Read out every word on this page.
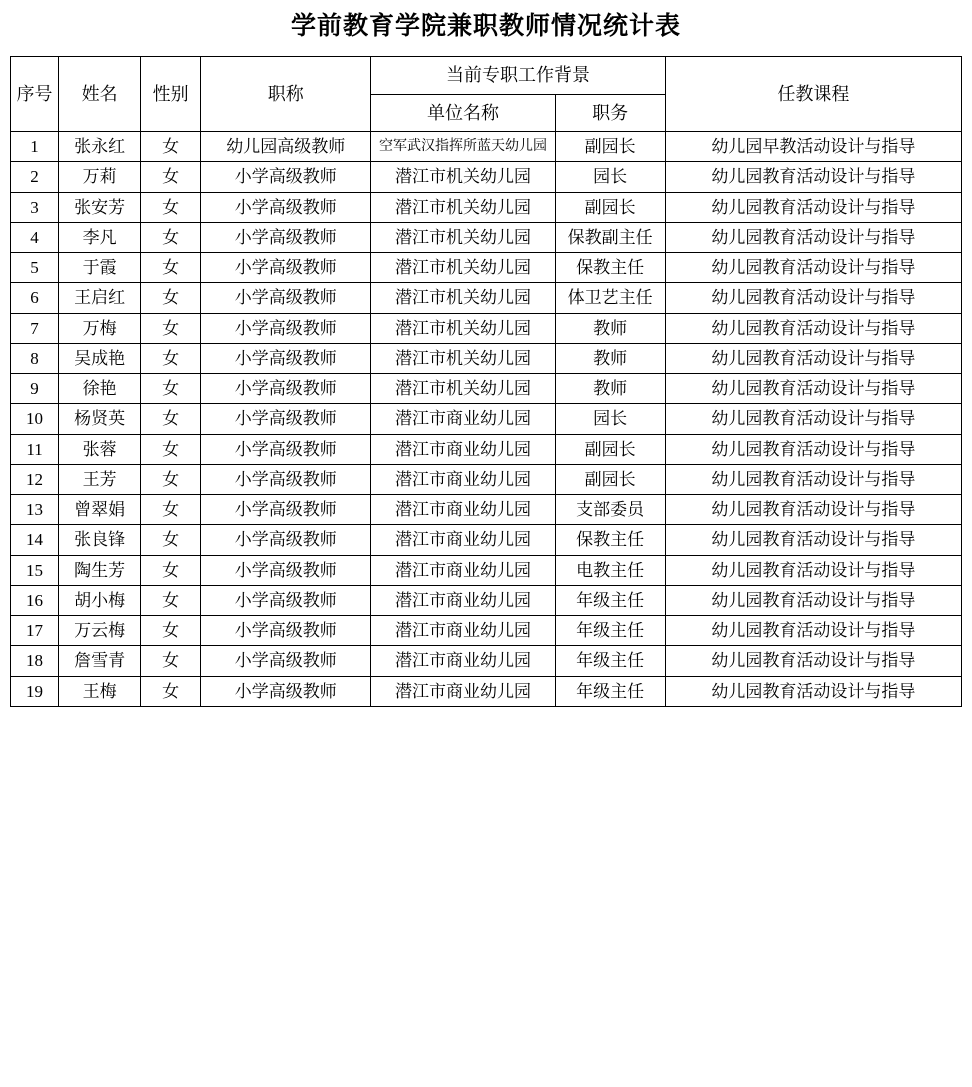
学前教育学院兼职教师情况统计表
序号	姓名	性别	职称	当前专职工作背景		任教课程
				单位名称	职务	
1	张永红	女	幼儿园高级教师	空军武汉指挥所蓝天幼儿园	副园长	幼儿园早教活动设计与指导
2	万莉	女	小学高级教师	潜江市机关幼儿园	园长	幼儿园教育活动设计与指导
3	张安芳	女	小学高级教师	潜江市机关幼儿园	副园长	幼儿园教育活动设计与指导
4	李凡	女	小学高级教师	潜江市机关幼儿园	保教副主任	幼儿园教育活动设计与指导
5	于霞	女	小学高级教师	潜江市机关幼儿园	保教主任	幼儿园教育活动设计与指导
6	王启红	女	小学高级教师	潜江市机关幼儿园	体卫艺主任	幼儿园教育活动设计与指导
7	万梅	女	小学高级教师	潜江市机关幼儿园	教师	幼儿园教育活动设计与指导
8	吴成艳	女	小学高级教师	潜江市机关幼儿园	教师	幼儿园教育活动设计与指导
9	徐艳	女	小学高级教师	潜江市机关幼儿园	教师	幼儿园教育活动设计与指导
10	杨贤英	女	小学高级教师	潜江市商业幼儿园	园长	幼儿园教育活动设计与指导
11	张蓉	女	小学高级教师	潜江市商业幼儿园	副园长	幼儿园教育活动设计与指导
12	王芳	女	小学高级教师	潜江市商业幼儿园	副园长	幼儿园教育活动设计与指导
13	曾翠娟	女	小学高级教师	潜江市商业幼儿园	支部委员	幼儿园教育活动设计与指导
14	张良锋	女	小学高级教师	潜江市商业幼儿园	保教主任	幼儿园教育活动设计与指导
15	陶生芳	女	小学高级教师	潜江市商业幼儿园	电教主任	幼儿园教育活动设计与指导
16	胡小梅	女	小学高级教师	潜江市商业幼儿园	年级主任	幼儿园教育活动设计与指导
17	万云梅	女	小学高级教师	潜江市商业幼儿园	年级主任	幼儿园教育活动设计与指导
18	詹雪青	女	小学高级教师	潜江市商业幼儿园	年级主任	幼儿园教育活动设计与指导
19	王梅	女	小学高级教师	潜江市商业幼儿园	年级主任	幼儿园教育活动设计与指导
